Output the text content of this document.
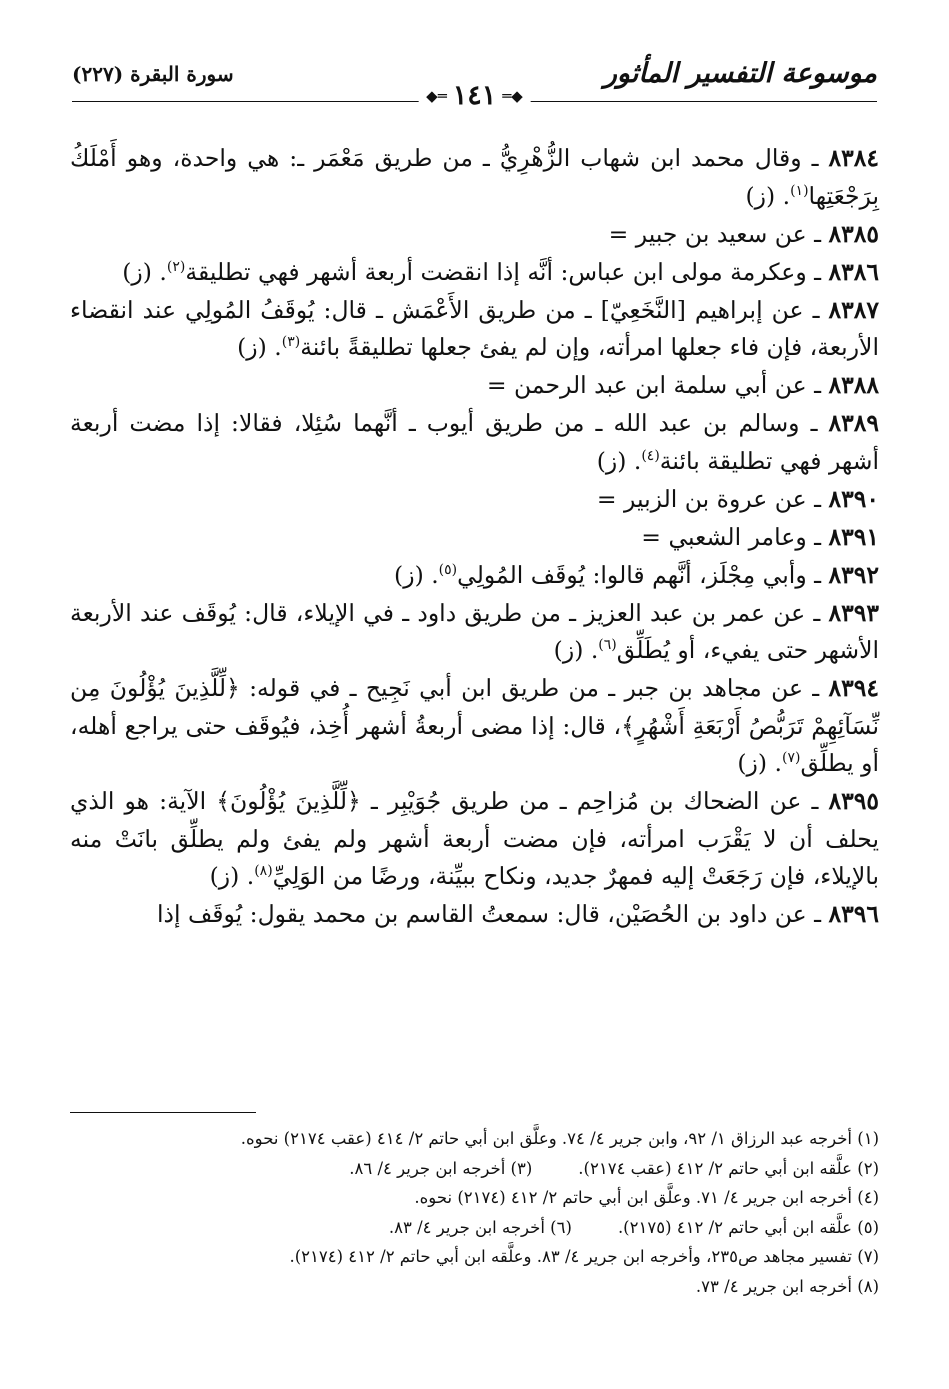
موسوعة التفسير المأثور
سورة البقرة (٢٢٧)
◆═
١٤١
═◆

٨٣٨٤ ـ وقال محمد ابن شهاب الزُّهْرِيُّ ـ من طريق مَعْمَر ـ: هي واحدة، وهو أَمْلَكُ بِرَجْعَتِها$^{(١)}$. (ز)

٨٣٨٥ ـ عن سعيد بن جبير =

٨٣٨٦ ـ وعكرمة مولى ابن عباس: أنَّه إذا انقضت أربعة أشهر فهي تطليقة$^{(٢)}$. (ز)

٨٣٨٧ ـ عن إبراهيم [النَّخَعِيّ] ـ من طريق الأَعْمَش ـ قال: يُوقَفُ المُولِي عند انقضاء الأربعة، فإن فاء جعلها امرأته، وإن لم يفئ جعلها تطليقةً بائنة$^{(٣)}$. (ز)

٨٣٨٨ ـ عن أبي سلمة ابن عبد الرحمن =

٨٣٨٩ ـ وسالم بن عبد الله ـ من طريق أيوب ـ أنَّهما سُئِلا، فقالا: إذا مضت أربعة أشهر فهي تطليقة بائنة$^{(٤)}$. (ز)

٨٣٩٠ ـ عن عروة بن الزبير =

٨٣٩١ ـ وعامر الشعبي =

٨٣٩٢ ـ وأبي مِجْلَز، أنَّهم قالوا: يُوقَف المُولِي$^{(٥)}$. (ز)

٨٣٩٣ ـ عن عمر بن عبد العزيز ـ من طريق داود ـ في الإيلاء، قال: يُوقَف عند الأربعة الأشهر حتى يفيء، أو يُطَلِّق$^{(٦)}$. (ز)

٨٣٩٤ ـ عن مجاهد بن جبر ـ من طريق ابن أبي نَجِيح ـ في قوله: ﴿لِّلَّذِينَ يُؤْلُونَ مِن نِّسَآئِهِمْ تَرَبُّصُ أَرْبَعَةِ أَشْهُرٍ﴾، قال: إذا مضى أربعةُ أشهر أُخِذ، فيُوقَف حتى يراجع أهله، أو يطلِّق$^{(٧)}$. (ز)

٨٣٩٥ ـ عن الضحاك بن مُزاحِم ـ من طريق جُوَيْبِر ـ ﴿لِّلَّذِينَ يُؤْلُونَ﴾ الآية: هو الذي يحلف أن لا يَقْرَب امرأته، فإن مضت أربعة أشهر ولم يفئ ولم يطلِّق بانَتْ منه بالإيلاء، فإن رَجَعَتْ إليه فمهرٌ جديد، ونكاح ببيِّنة، ورضًا من الوَلِيِّ$^{(٨)}$. (ز)

٨٣٩٦ ـ عن داود بن الحُصَيْن، قال: سمعتُ القاسم بن محمد يقول: يُوقَف إذا

(١) أخرجه عبد الرزاق ١/ ٩٢، وابن جرير ٤/ ٧٤. وعلَّق ابن أبي حاتم ٢/ ٤١٤ (عقب ٢١٧٤) نحوه.
(٢) علَّقه ابن أبي حاتم ٢/ ٤١٢ (عقب ٢١٧٤).(٣) أخرجه ابن جرير ٤/ ٨٦.
(٤) أخرجه ابن جرير ٤/ ٧١. وعلَّق ابن أبي حاتم ٢/ ٤١٢ (٢١٧٤) نحوه.
(٥) علَّقه ابن أبي حاتم ٢/ ٤١٢ (٢١٧٥).(٦) أخرجه ابن جرير ٤/ ٨٣.
(٧) تفسير مجاهد ص٢٣٥، وأخرجه ابن جرير ٤/ ٨٣. وعلَّقه ابن أبي حاتم ٢/ ٤١٢ (٢١٧٤).
(٨) أخرجه ابن جرير ٤/ ٧٣.
